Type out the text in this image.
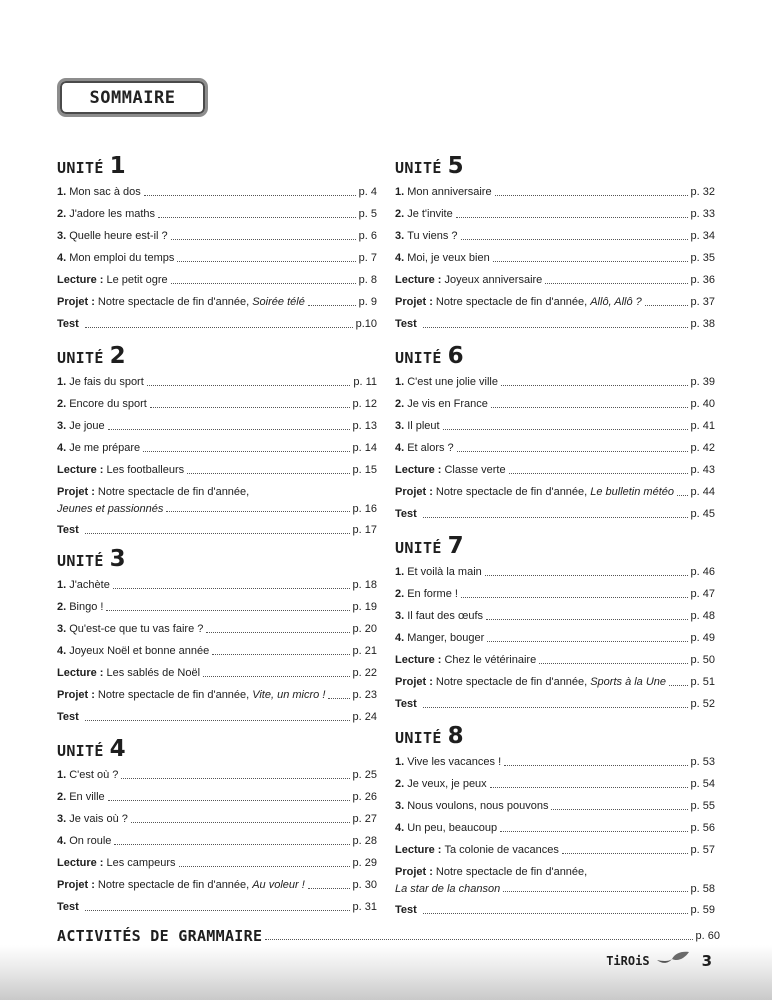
SOMMAIRE
UNITÉ 1
1. Mon sac à dos	p. 4
2. J'adore les maths	p. 5
3. Quelle heure est-il ?	p. 6
4. Mon emploi du temps	p. 7
Lecture : Le petit ogre	p. 8
Projet : Notre spectacle de fin d'année, Soirée télé	p. 9
Test	p.10
UNITÉ 2
1. Je fais du sport	p. 11
2. Encore du sport	p. 12
3. Je joue	p. 13
4. Je me prépare	p. 14
Lecture : Les footballeurs	p. 15
Projet : Notre spectacle de fin d'année,
Jeunes et passionnés	p. 16
Test	p. 17
UNITÉ 3
1. J'achète	p. 18
2. Bingo !	p. 19
3. Qu'est-ce que tu vas faire ?	p. 20
4. Joyeux Noël et bonne année	p. 21
Lecture : Les sablés de Noël	p. 22
Projet : Notre spectacle de fin d'année, Vite, un micro ! p. 23
Test	p. 24
UNITÉ 4
1. C'est où ?	p. 25
2. En ville	p. 26
3. Je vais où ?	p. 27
4. On roule	p. 28
Lecture : Les campeurs	p. 29
Projet : Notre spectacle de fin d'année, Au voleur !	p. 30
Test	p. 31
UNITÉ 5
1. Mon anniversaire	p. 32
2. Je t'invite	p. 33
3. Tu viens ?	p. 34
4. Moi, je veux bien	p. 35
Lecture : Joyeux anniversaire	p. 36
Projet : Notre spectacle de fin d'année, Allô, Allô ?	p. 37
Test	p. 38
UNITÉ 6
1. C'est une jolie ville	p. 39
2. Je vis en France	p. 40
3. Il pleut	p. 41
4. Et alors ?	p. 42
Lecture : Classe verte	p. 43
Projet : Notre spectacle de fin d'année, Le bulletin météo p. 44
Test	p. 45
UNITÉ 7
1. Et voilà la main	p. 46
2. En forme !	p. 47
3. Il faut des œufs	p. 48
4. Manger, bouger	p. 49
Lecture : Chez le vétérinaire	p. 50
Projet : Notre spectacle de fin d'année, Sports à la Une p. 51
Test	p. 52
UNITÉ 8
1. Vive les vacances !	p. 53
2. Je veux, je peux	p. 54
3. Nous voulons, nous pouvons	p. 55
4. Un peu, beaucoup	p. 56
Lecture : Ta colonie de vacances	p. 57
Projet : Notre spectacle de fin d'année,
La star de la chanson	p. 58
Test	p. 59
ACTIVITÉS DE GRAMMAIRE	p. 60
TiROiS	3
